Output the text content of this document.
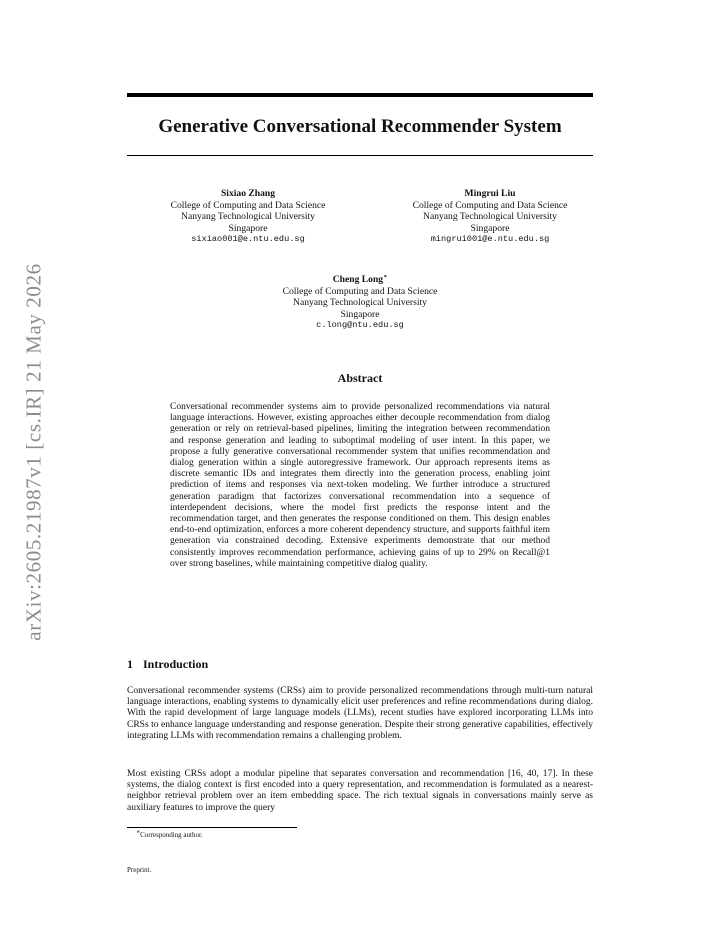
arXiv:2605.21987v1 [cs.IR] 21 May 2026
Generative Conversational Recommender System
Sixiao Zhang
College of Computing and Data Science
Nanyang Technological University
Singapore
sixiao001@e.ntu.edu.sg
Mingrui Liu
College of Computing and Data Science
Nanyang Technological University
Singapore
mingrui001@e.ntu.edu.sg
Cheng Long∗
College of Computing and Data Science
Nanyang Technological University
Singapore
c.long@ntu.edu.sg
Abstract
Conversational recommender systems aim to provide personalized recommendations via natural language interactions. However, existing approaches either decouple recommendation from dialog generation or rely on retrieval-based pipelines, limiting the integration between recommendation and response generation and leading to suboptimal modeling of user intent. In this paper, we propose a fully generative conversational recommender system that unifies recommendation and dialog generation within a single autoregressive framework. Our approach represents items as discrete semantic IDs and integrates them directly into the generation process, enabling joint prediction of items and responses via next-token modeling. We further introduce a structured generation paradigm that factorizes conversational recommendation into a sequence of interdependent decisions, where the model first predicts the response intent and the recommendation target, and then generates the response conditioned on them. This design enables end-to-end optimization, enforces a more coherent dependency structure, and supports faithful item generation via constrained decoding. Extensive experiments demonstrate that our method consistently improves recommendation performance, achieving gains of up to 29% on Recall@1 over strong baselines, while maintaining competitive dialog quality.
1 Introduction

Conversational recommender systems (CRSs) aim to provide personalized recommendations through multi-turn natural language interactions, enabling systems to dynamically elicit user preferences and refine recommendations during dialog. With the rapid development of large language models (LLMs), recent studies have explored incorporating LLMs into CRSs to enhance language understanding and response generation. Despite their strong generative capabilities, effectively integrating LLMs with recommendation remains a challenging problem.

Most existing CRSs adopt a modular pipeline that separates conversation and recommendation [16, 40, 17]. In these systems, the dialog context is first encoded into a query representation, and recommendation is formulated as a nearest-neighbor retrieval problem over an item embedding space. The rich textual signals in conversations mainly serve as auxiliary features to improve the query

∗Corresponding author.
Preprint.
